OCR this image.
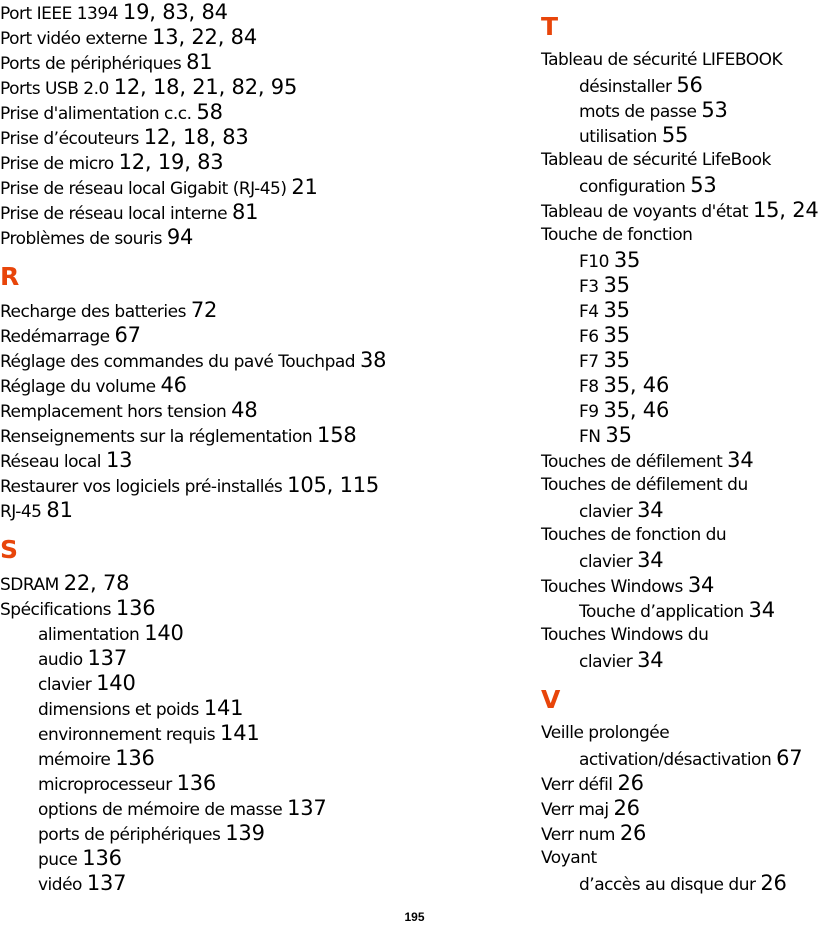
Port IEEE 1394 19, 83, 84
Port vidéo externe 13, 22, 84
Ports de périphériques 81
Ports USB 2.0 12, 18, 21, 82, 95
Prise d'alimentation c.c. 58
Prise d’écouteurs 12, 18, 83
Prise de micro 12, 19, 83
Prise de réseau local Gigabit (RJ-45) 21
Prise de réseau local interne 81
Problèmes de souris 94
R
Recharge des batteries 72
Redémarrage 67
Réglage des commandes du pavé Touchpad 38
Réglage du volume 46
Remplacement hors tension 48
Renseignements sur la réglementation 158
Réseau local 13
Restaurer vos logiciels pré-installés 105, 115
RJ-45 81
S
SDRAM 22, 78
Spécifications 136
alimentation 140
audio 137
clavier 140
dimensions et poids 141
environnement requis 141
mémoire 136
microprocesseur 136
options de mémoire de masse 137
ports de périphériques 139
puce 136
vidéo 137
T
Tableau de sécurité LIFEBOOK
désinstaller 56
mots de passe 53
utilisation 55
Tableau de sécurité LifeBook
configuration 53
Tableau de voyants d'état 15, 24
Touche de fonction
F10 35
F3 35
F4 35
F6 35
F7 35
F8 35, 46
F9 35, 46
FN 35
Touches de défilement 34
Touches de défilement du
clavier 34
Touches de fonction du
clavier 34
Touches Windows 34
Touche d’application 34
Touches Windows du
clavier 34
V
Veille prolongée
activation/désactivation 67
Verr défil 26
Verr maj 26
Verr num 26
Voyant
d’accès au disque dur 26
195
